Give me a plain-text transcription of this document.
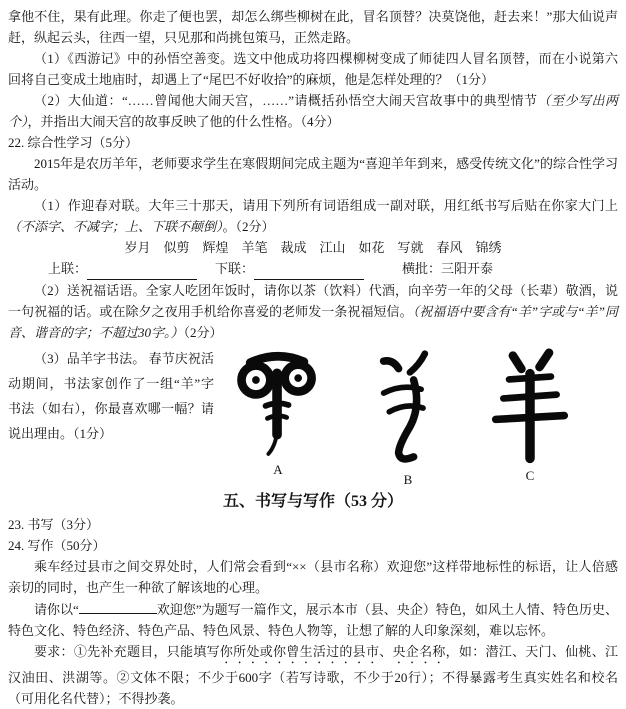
拿他不住，果有此理。你走了便也罢，却怎么绑些柳树在此，冒名顶替？决莫饶他，赶去来！”那大仙说声赶，纵起云头，往西一望，只见那和尚挑包策马，正然走路。

（1）《西游记》中的孙悟空善变。选文中他成功将四棵柳树变成了师徒四人冒名顶替，而在小说第六回将自己变成土地庙时，却遇上了“尾巴不好收拾”的麻烦，他是怎样处理的？（1分）

（2）大仙道：“……曾闻他大闹天宫，……”请概括孙悟空大闹天宫故事中的典型情节（至少写出两个），并指出大闹天宫的故事反映了他的什么性格。（4分）

22. 综合性学习（5分）

2015年是农历羊年，老师要求学生在寒假期间完成主题为“喜迎羊年到来，感受传统文化”的综合性学习活动。

（1）作迎春对联。大年三十那天，请用下列所有词语组成一副对联，用红纸书写后贴在你家大门上（不添字、不减字；上、下联不颠倒）。（2分）

岁月　似剪　辉煌　羊笔　裁成　江山　如花　写就　春风　锦绣

上联：	下联：	横批： 三阳开泰

（2）送祝福话语。全家人吃团年饭时，请你以茶（饮料）代酒，向辛劳一年的父母（长辈）敬酒，说一句祝福的话。或在除夕之夜用手机给你喜爱的老师发一条祝福短信。（祝福语中要含有“羊”字或与“羊”同音、谐音的字；不超过30字。）（2分）

（3）品羊字书法。 春节庆祝活动期间，书法家创作了一组“羊”字书法（如右），你最喜欢哪一幅？请说出理由。（1分）

A
B	C

五、书写与写作（53 分）

23. 书写（3分）

24. 写作（50分）

乘车经过县市之间交界处时，人们常会看到“××（县市名称）欢迎您”这样带地标性的标语，让人倍感亲切的同时，也产生一种欲了解该地的心理。

请你以“	欢迎您”为题写一篇作文，展示本市（县、央企）特色，如风土人情、特色历史、特色文化、特色经济、特色产品、特色风景、特色人物等，让想了解的人印象深刻，难以忘怀。

要求：①先补充题目，只能填写你所处或你曾生活过的县市、央企名称，如：潜江、天门、仙桃、江汉油田、洪湖等。②文体不限；不少于600字（若写诗歌，不少于20行）；不得暴露考生真实姓名和校名（可用化名代替）；不得抄袭。
